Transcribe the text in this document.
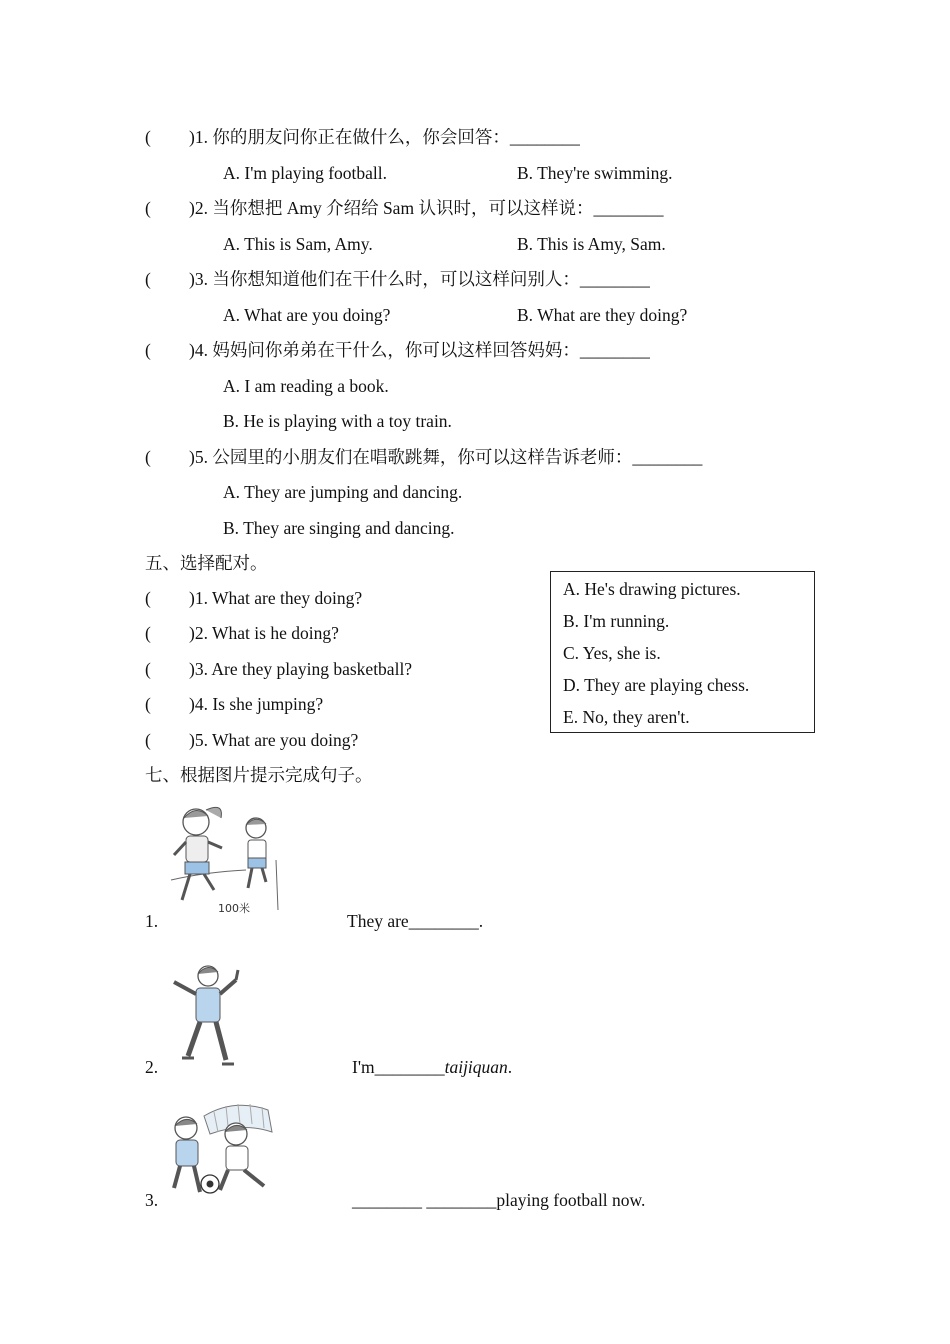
( )1. 你的朋友问你正在做什么，你会回答：________
A. I'm playing football.	B. They're swimming.
( )2. 当你想把 Amy 介绍给 Sam 认识时，可以这样说：________
A. This is Sam, Amy.	B. This is Amy, Sam.
( )3. 当你想知道他们在干什么时，可以这样问别人：________
A. What are you doing?	B. What are they doing?
( )4. 妈妈问你弟弟在干什么，你可以这样回答妈妈：________
A. I am reading a book.
B. He is playing with a toy train.
( )5. 公园里的小朋友们在唱歌跳舞，你可以这样告诉老师：________
A. They are jumping and dancing.
B. They are singing and dancing.
五、选择配对。
( )1. What are they doing?
( )2. What is he doing?
( )3. Are they playing basketball?
( )4. Is she jumping?
( )5. What are you doing?
A. He's drawing pictures.
B. I'm running.
C. Yes, she is.
D. They are playing chess.
E. No, they aren't.
七、根据图片提示完成句子。
1.
100米
They are________.
2.	I'm________taijiquan.
3.	________ ________playing football now.
